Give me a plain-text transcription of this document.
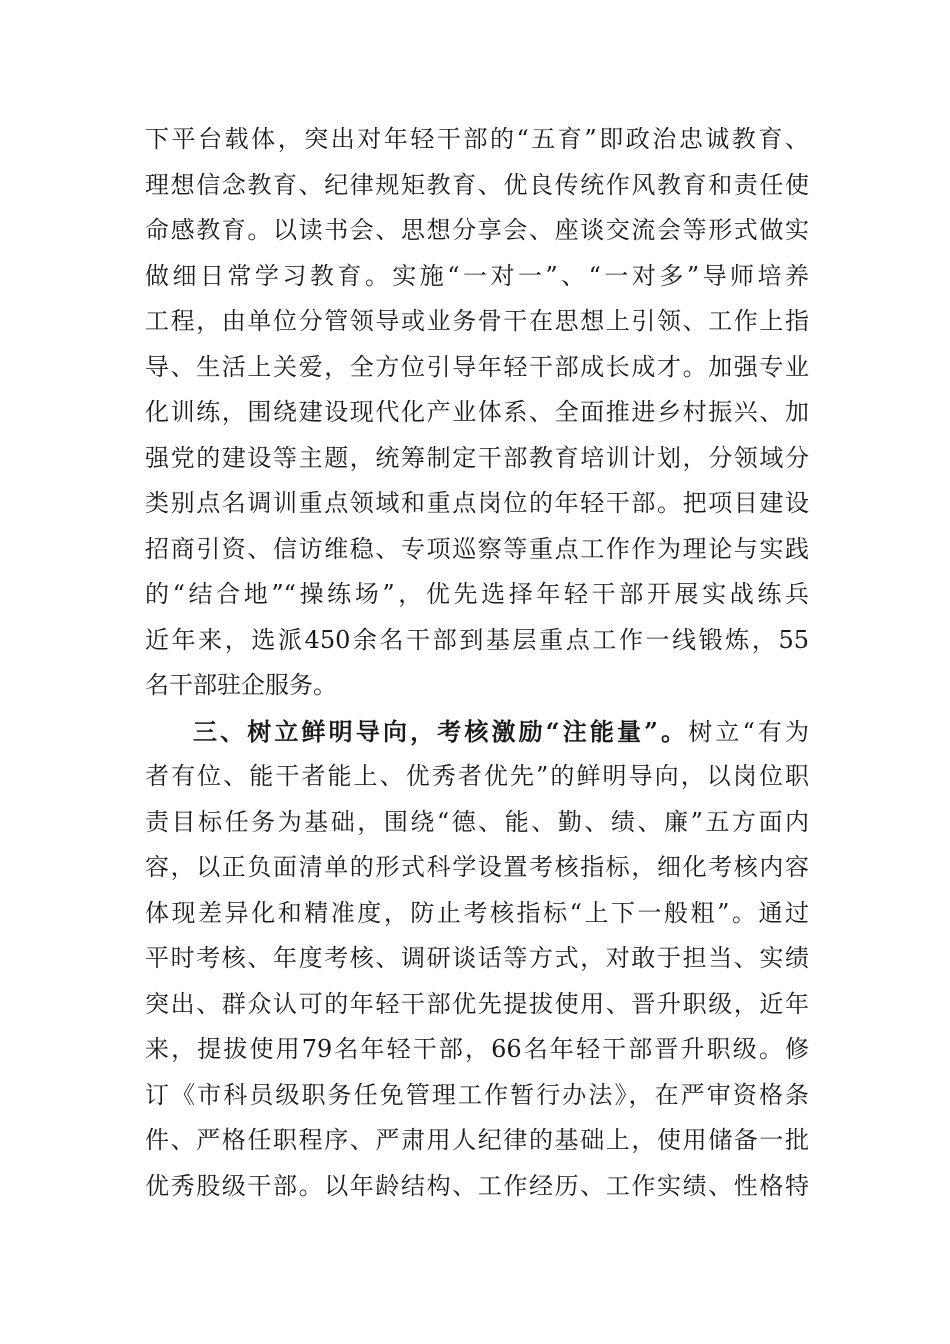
下平台载体，突出对年轻干部的“五育”即政治忠诚教育、
理想信念教育、纪律规矩教育、优良传统作风教育和责任使
命感教育。以读书会、思想分享会、座谈交流会等形式做实
做细日常学习教育。实施“一对一”、“一对多”导师培养
工程，由单位分管领导或业务骨干在思想上引领、工作上指
导、生活上关爱，全方位引导年轻干部成长成才。加强专业
化训练，围绕建设现代化产业体系、全面推进乡村振兴、加
强党的建设等主题，统筹制定干部教育培训计划，分领域分
类别点名调训重点领域和重点岗位的年轻干部。把项目建设
招商引资、信访维稳、专项巡察等重点工作作为理论与实践
的“结合地”“操练场”，优先选择年轻干部开展实战练兵
近年来，选派450余名干部到基层重点工作一线锻炼，55
名干部驻企服务。
三、树立鲜明导向，考核激励“注能量”。树立“有为
者有位、能干者能上、优秀者优先”的鲜明导向，以岗位职
责目标任务为基础，围绕“德、能、勤、绩、廉”五方面内
容，以正负面清单的形式科学设置考核指标，细化考核内容
体现差异化和精准度，防止考核指标“上下一般粗”。通过
平时考核、年度考核、调研谈话等方式，对敢于担当、实绩
突出、群众认可的年轻干部优先提拔使用、晋升职级，近年
来，提拔使用79名年轻干部，66名年轻干部晋升职级。修
订《市科员级职务任免管理工作暂行办法》，在严审资格条
件、严格任职程序、严肃用人纪律的基础上，使用储备一批
优秀股级干部。以年龄结构、工作经历、工作实绩、性格特
